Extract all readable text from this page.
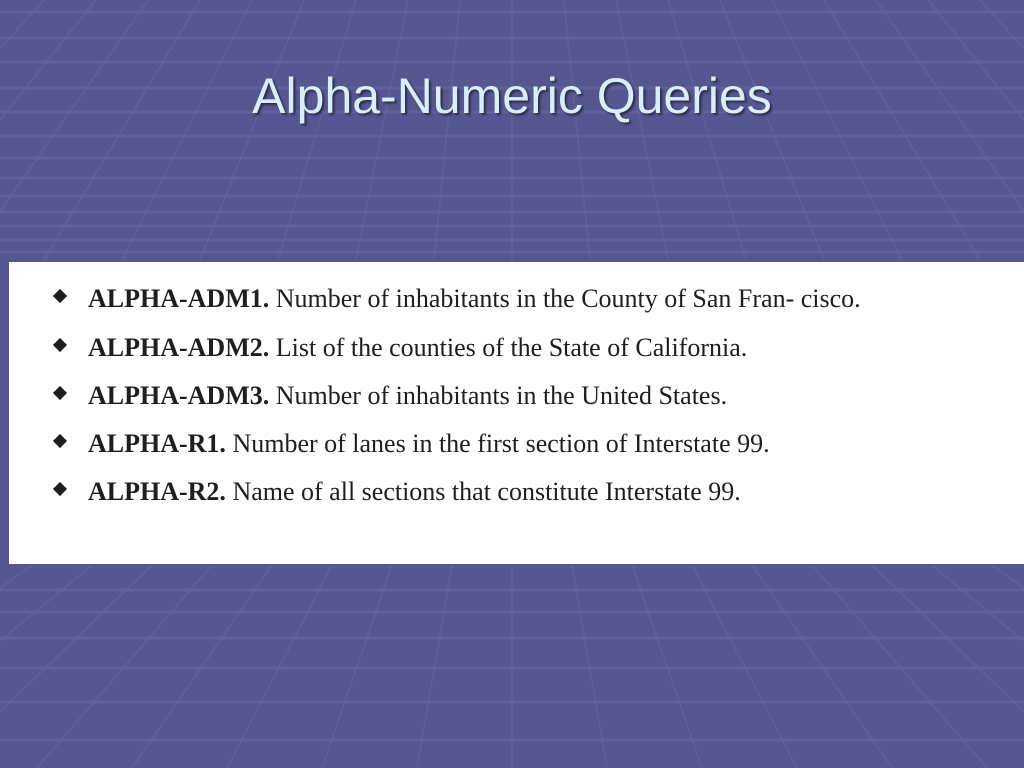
Alpha-Numeric Queries
ALPHA-ADM1. Number of inhabitants in the County of San Fran- cisco.
ALPHA-ADM2. List of the counties of the State of California.
ALPHA-ADM3. Number of inhabitants in the United States.
ALPHA-R1. Number of lanes in the first section of Interstate 99.
ALPHA-R2. Name of all sections that constitute Interstate 99.
